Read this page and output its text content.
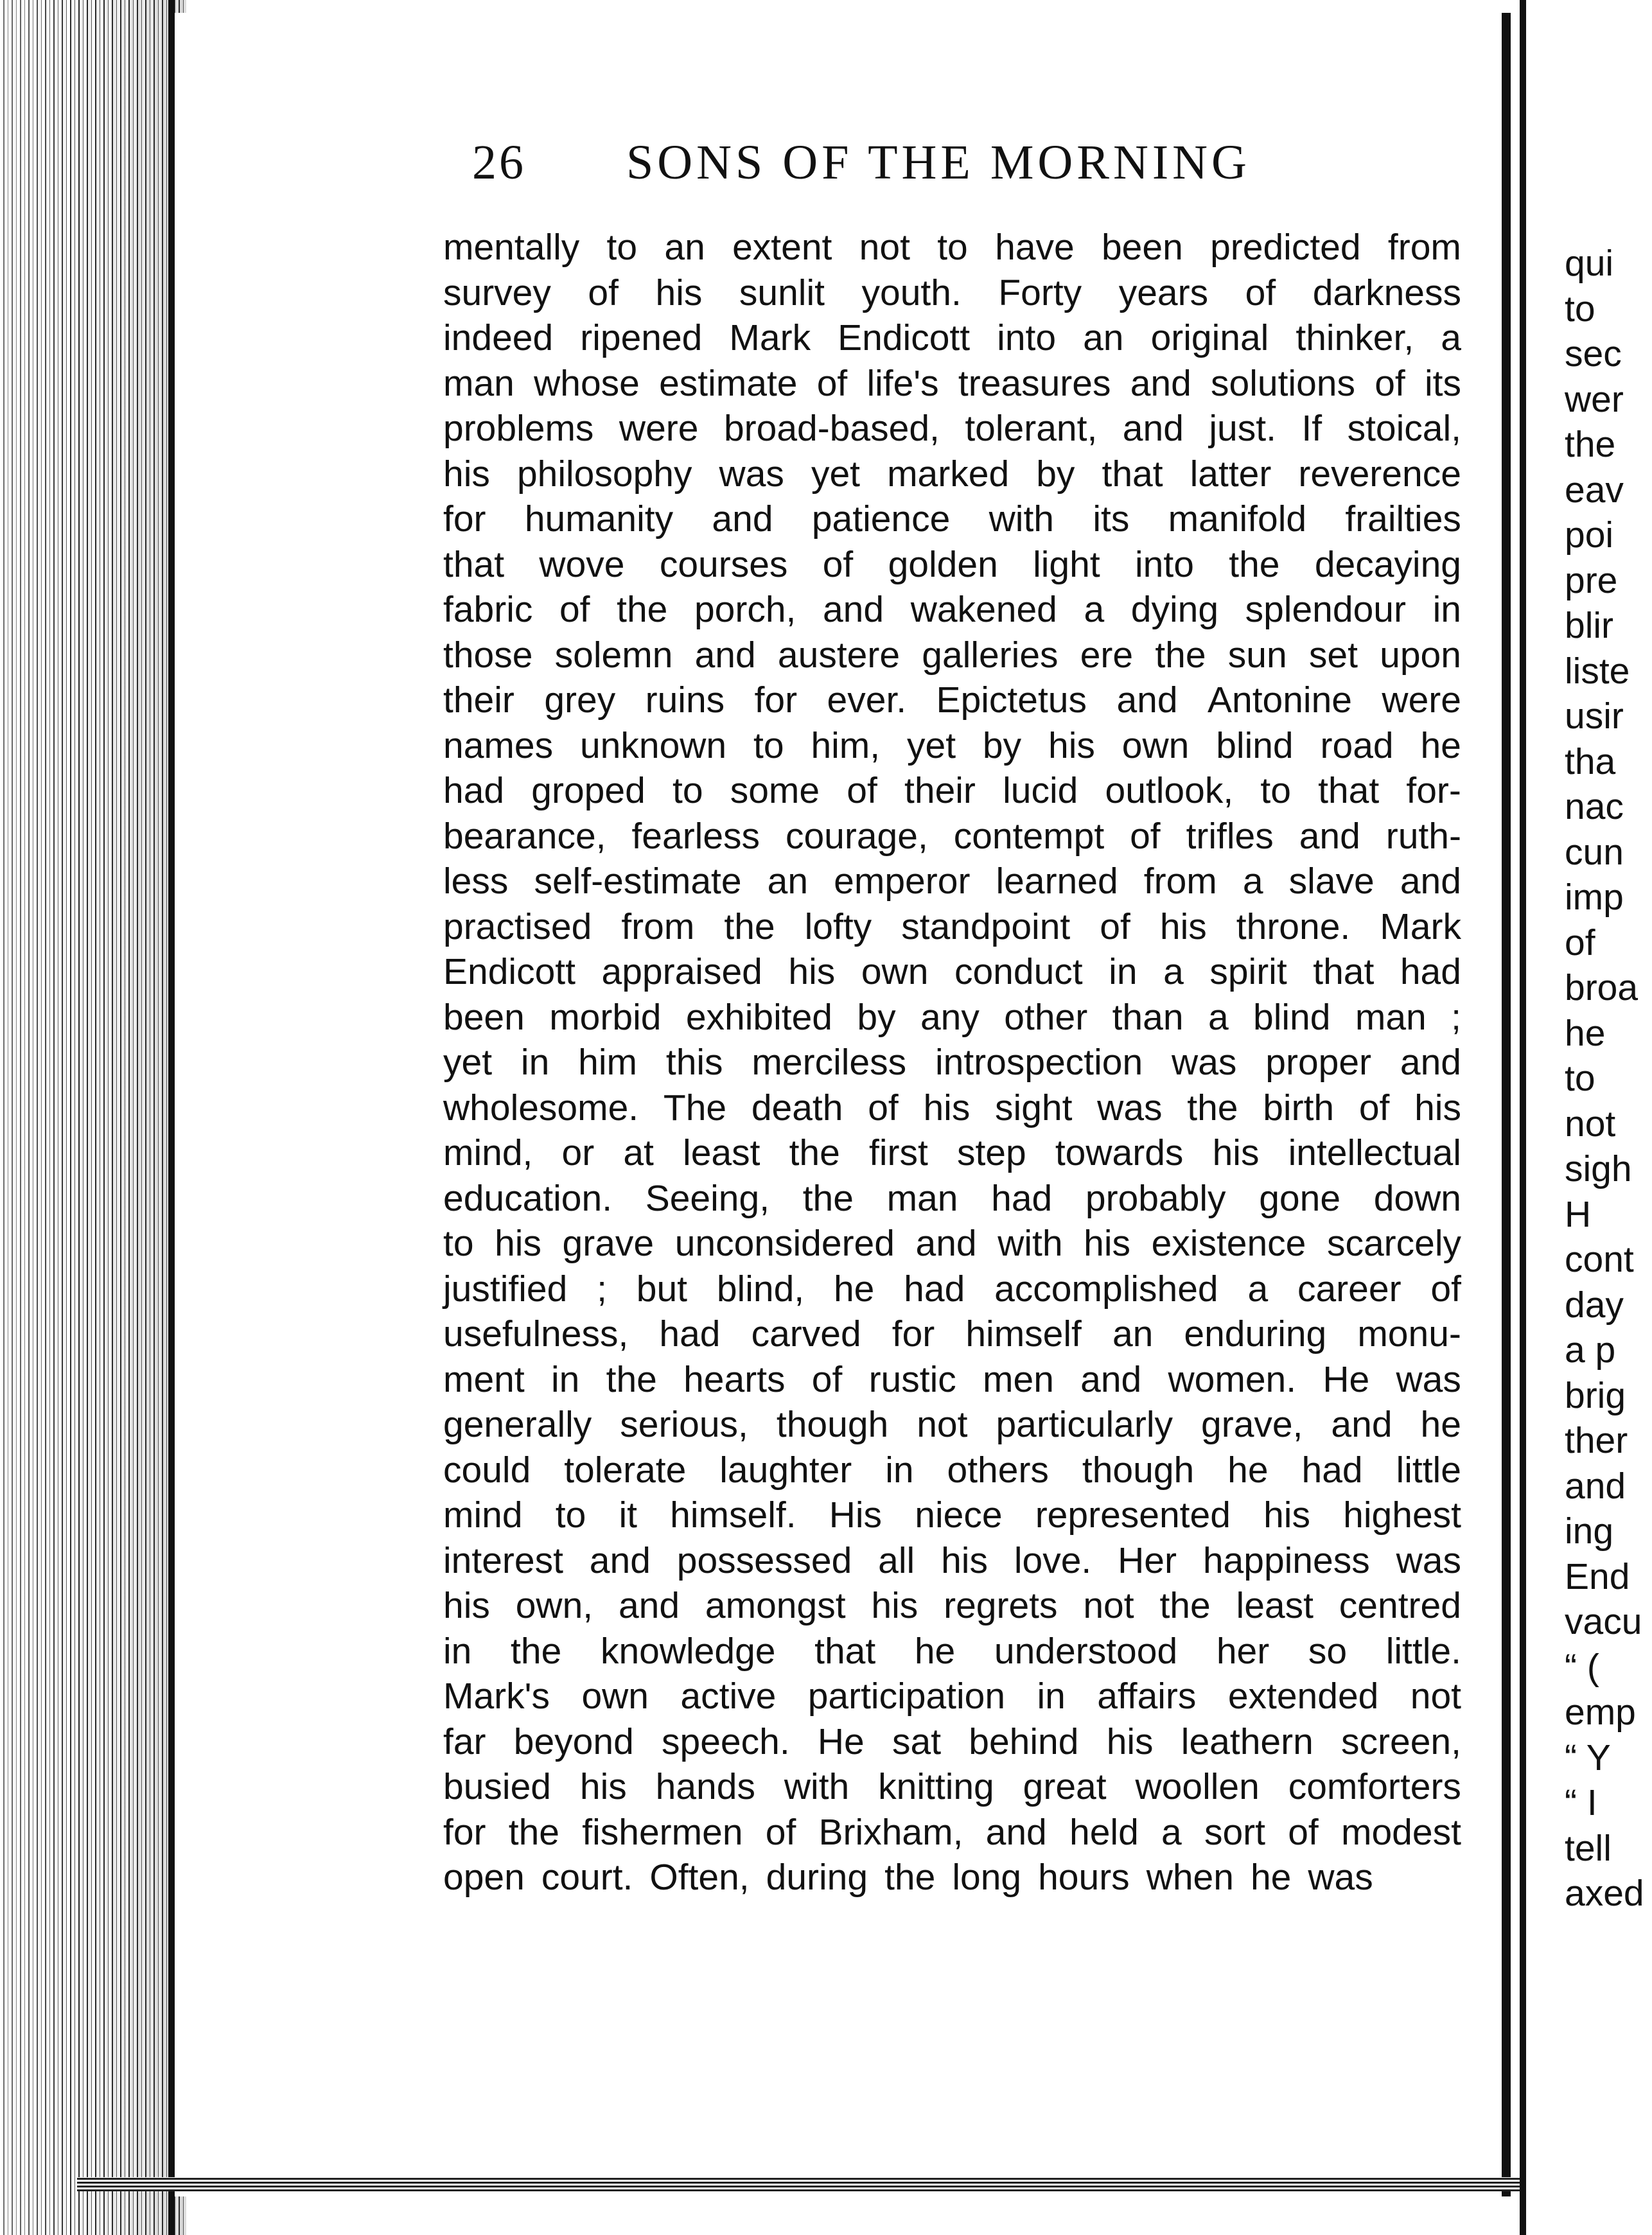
26 SONS OF THE MORNING
mentally to an extent not to have been predicted from
survey of his sunlit youth. Forty years of darkness
indeed ripened Mark Endicott into an original thinker, a
man whose estimate of life's treasures and solutions of its
problems were broad-based, tolerant, and just. If stoical,
his philosophy was yet marked by that latter reverence
for humanity and patience with its manifold frailties
that wove courses of golden light into the decaying
fabric of the porch, and wakened a dying splendour in
those solemn and austere galleries ere the sun set upon
their grey ruins for ever. Epictetus and Antonine were
names unknown to him, yet by his own blind road he
had groped to some of their lucid outlook, to that for-
bearance, fearless courage, contempt of trifles and ruth-
less self-estimate an emperor learned from a slave and
practised from the lofty standpoint of his throne. Mark
Endicott appraised his own conduct in a spirit that had
been morbid exhibited by any other than a blind man ;
yet in him this merciless introspection was proper and
wholesome. The death of his sight was the birth of his
mind, or at least the first step towards his intellectual
education. Seeing, the man had probably gone down
to his grave unconsidered and with his existence scarcely
justified ; but blind, he had accomplished a career of
usefulness, had carved for himself an enduring monu-
ment in the hearts of rustic men and women. He was
generally serious, though not particularly grave, and he
could tolerate laughter in others though he had little
mind to it himself. His niece represented his highest
interest and possessed all his love. Her happiness was
his own, and amongst his regrets not the least centred
in the knowledge that he understood her so little.
Mark's own active participation in affairs extended not
far beyond speech. He sat behind his leathern screen,
busied his hands with knitting great woollen comforters
for the fishermen of Brixham, and held a sort of modest
open court. Often, during the long hours when he was
qui
to
sec
wer
the
eav
poi
pre
blir
liste
usir
tha
nac
cun
imp
of
broa
he
to
not
sigh
H
cont
day
a p
brig
ther
and
ing
End
vacu
“ (
emp
“ Y
“ I
tell
axed
